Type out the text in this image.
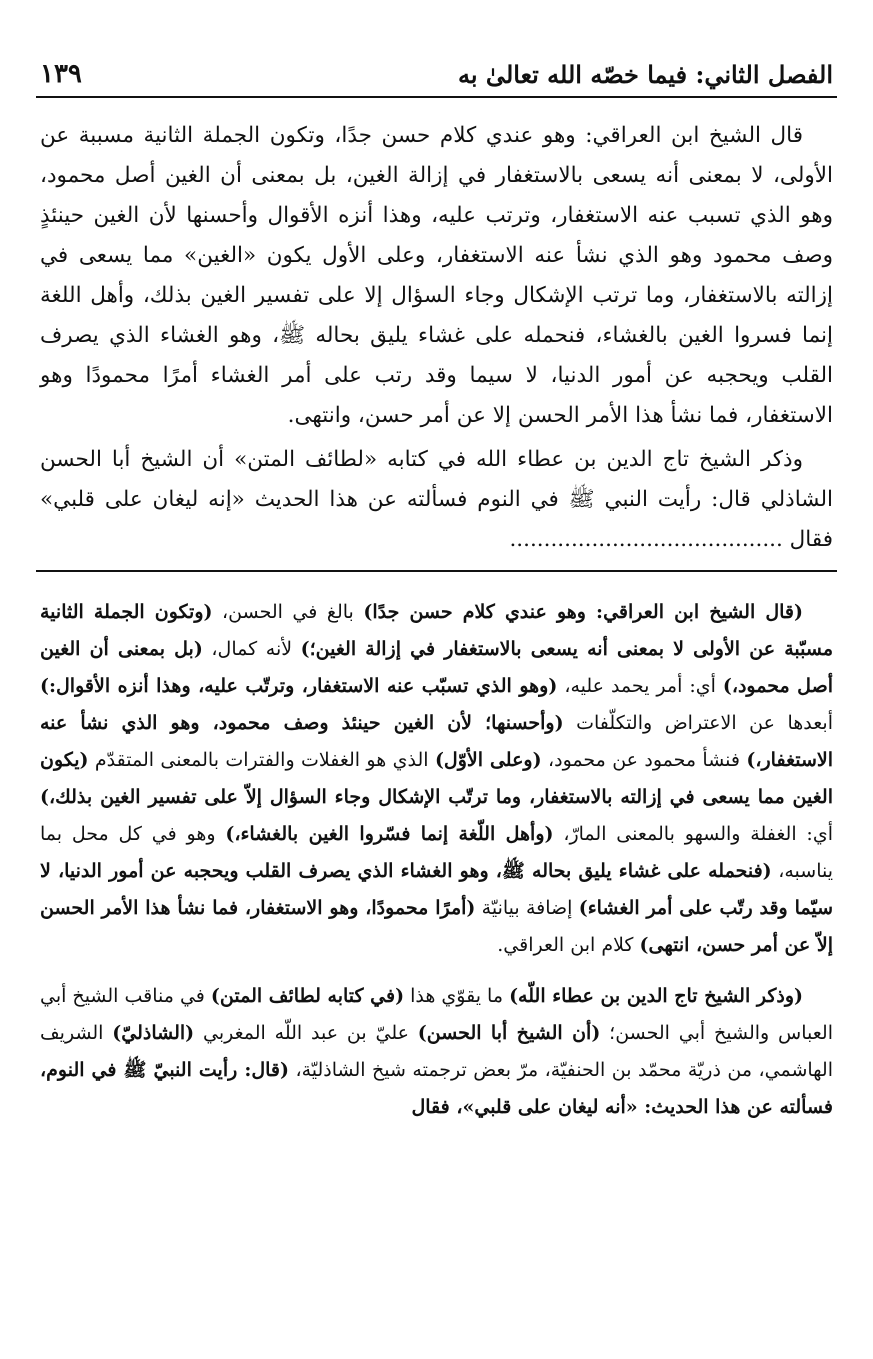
الفصل الثاني: فيما خصّه الله تعالىٰ به
١٣٩

قال الشيخ ابن العراقي: وهو عندي كلام حسن جدًا، وتكون الجملة الثانية مسببة عن الأولى، لا بمعنى أنه يسعى بالاستغفار في إزالة الغين، بل بمعنى أن الغين أصل محمود، وهو الذي تسبب عنه الاستغفار، وترتب عليه، وهذا أنزه الأقوال وأحسنها لأن الغين حينئذٍ وصف محمود وهو الذي نشأ عنه الاستغفار، وعلى الأول يكون «الغين» مما يسعى في إزالته بالاستغفار، وما ترتب الإشكال وجاء السؤال إلا على تفسير الغين بذلك، وأهل اللغة إنما فسروا الغين بالغشاء، فنحمله على غشاء يليق بحاله ﷺ، وهو الغشاء الذي يصرف القلب ويحجبه عن أمور الدنيا، لا سيما وقد رتب على أمر الغشاء أمرًا محمودًا وهو الاستغفار، فما نشأ هذا الأمر الحسن إلا عن أمر حسن، وانتهى.

وذكر الشيخ تاج الدين بن عطاء الله في كتابه «لطائف المتن» أن الشيخ أبا الحسن الشاذلي قال: رأيت النبي ﷺ في النوم فسألته عن هذا الحديث «إنه ليغان على قلبي» فقال ........................................

(قال الشيخ ابن العراقي: وهو عندي كلام حسن جدًا) بالغ في الحسن، (وتكون الجملة الثانية مسبّبة عن الأولى لا بمعنى أنه يسعى بالاستغفار في إزالة الغين؛) لأنه كمال، (بل بمعنى أن الغين أصل محمود،) أي: أمر يحمد عليه، (وهو الذي تسبّب عنه الاستغفار، وترتّب عليه، وهذا أنزه الأقوال:) أبعدها عن الاعتراض والتكلّفات (وأحسنها؛ لأن الغين حينئذ وصف محمود، وهو الذي نشأ عنه الاستغفار،) فنشأ محمود عن محمود، (وعلى الأوّل) الذي هو الغفلات والفترات بالمعنى المتقدّم (يكون الغين مما يسعى في إزالته بالاستغفار، وما ترتّب الإشكال وجاء السؤال إلاّ على تفسير الغين بذلك،) أي: الغفلة والسهو بالمعنى المارّ، (وأهل اللّغة إنما فسّروا الغين بالغشاء،) وهو في كل محل بما يناسبه، (فنحمله على غشاء يليق بحاله ﷺ، وهو الغشاء الذي يصرف القلب ويحجبه عن أمور الدنيا، لا سيّما وقد رتّب على أمر الغشاء) إضافة بيانيّة (أمرًا محمودًا، وهو الاستغفار، فما نشأ هذا الأمر الحسن إلاّ عن أمر حسن، انتهى) كلام ابن العراقي.

(وذكر الشيخ تاج الدين بن عطاء اللّه) ما يقوّي هذا (في كتابه لطائف المتن) في مناقب الشيخ أبي العباس والشيخ أبي الحسن؛ (أن الشيخ أبا الحسن) عليّ بن عبد اللّه المغربي (الشاذليّ) الشريف الهاشمي، من ذريّة محمّد بن الحنفيّة، مرّ بعض ترجمته شيخ الشاذليّة، (قال: رأيت النبيّ ﷺ في النوم، فسألته عن هذا الحديث: «أنه ليغان على قلبي»، فقال
